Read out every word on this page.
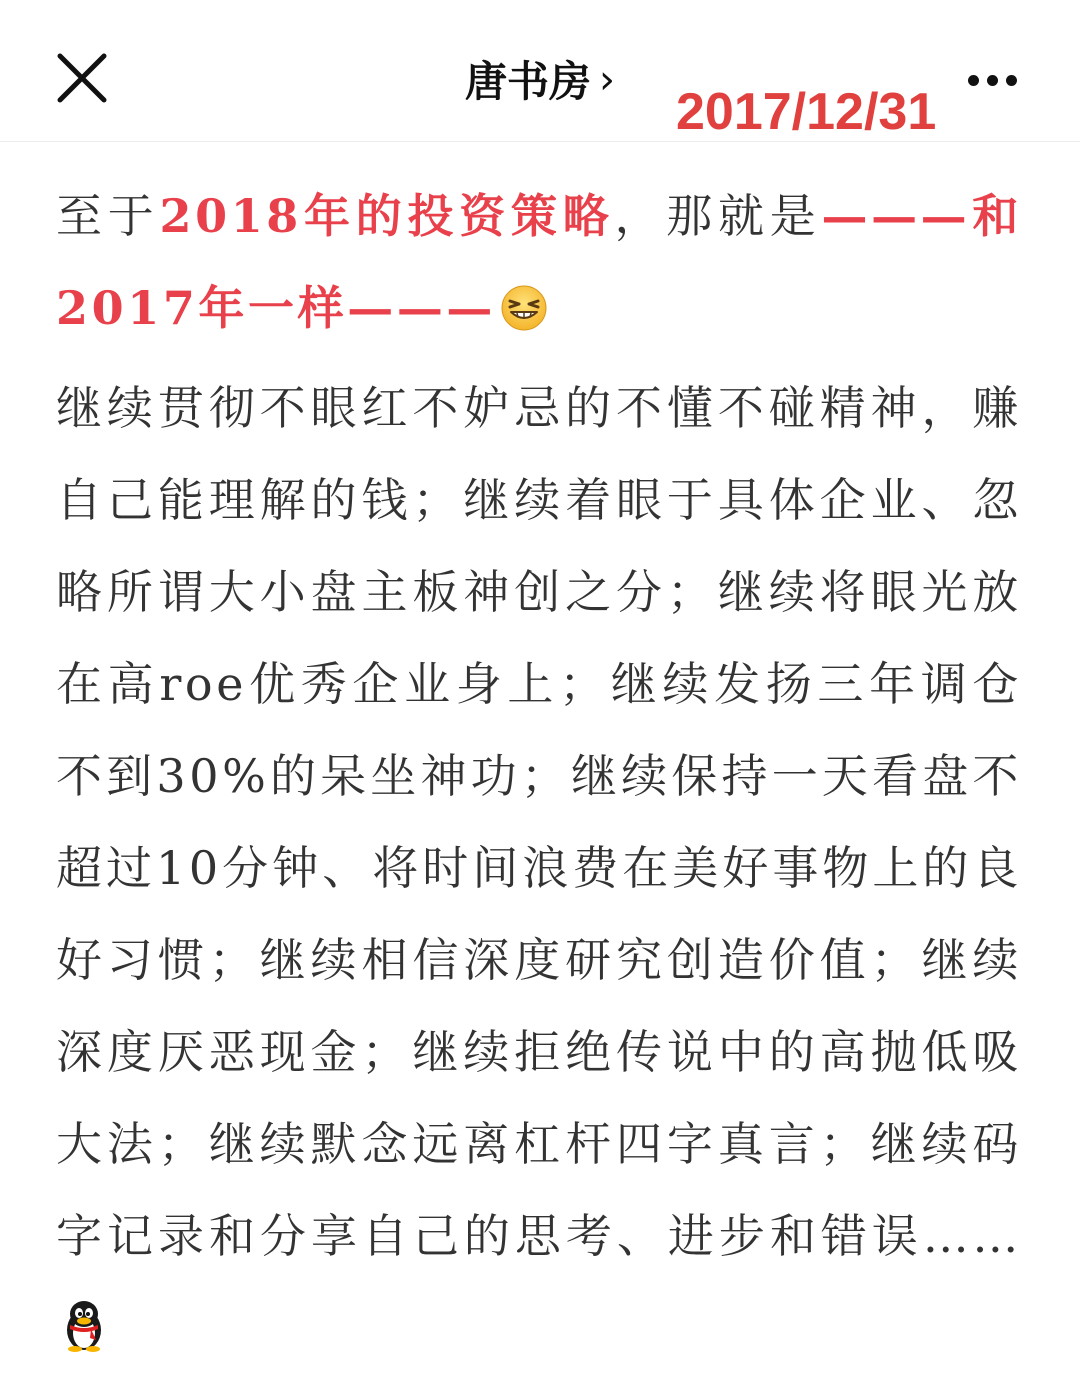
唐书房 ›
2017/12/31

至于2018年的投资策略，那就是———和2017年一样———

继续贯彻不眼红不妒忌的不懂不碰精神，赚自己能理解的钱；继续着眼于具体企业、忽略所谓大小盘主板神创之分；继续将眼光放在高roe优秀企业身上；继续发扬三年调仓不到30%的呆坐神功；继续保持一天看盘不超过10分钟、将时间浪费在美好事物上的良好习惯；继续相信深度研究创造价值；继续深度厌恶现金；继续拒绝传说中的高抛低吸大法；继续默念远离杠杆四字真言；继续码字记录和分享自己的思考、进步和错误……
